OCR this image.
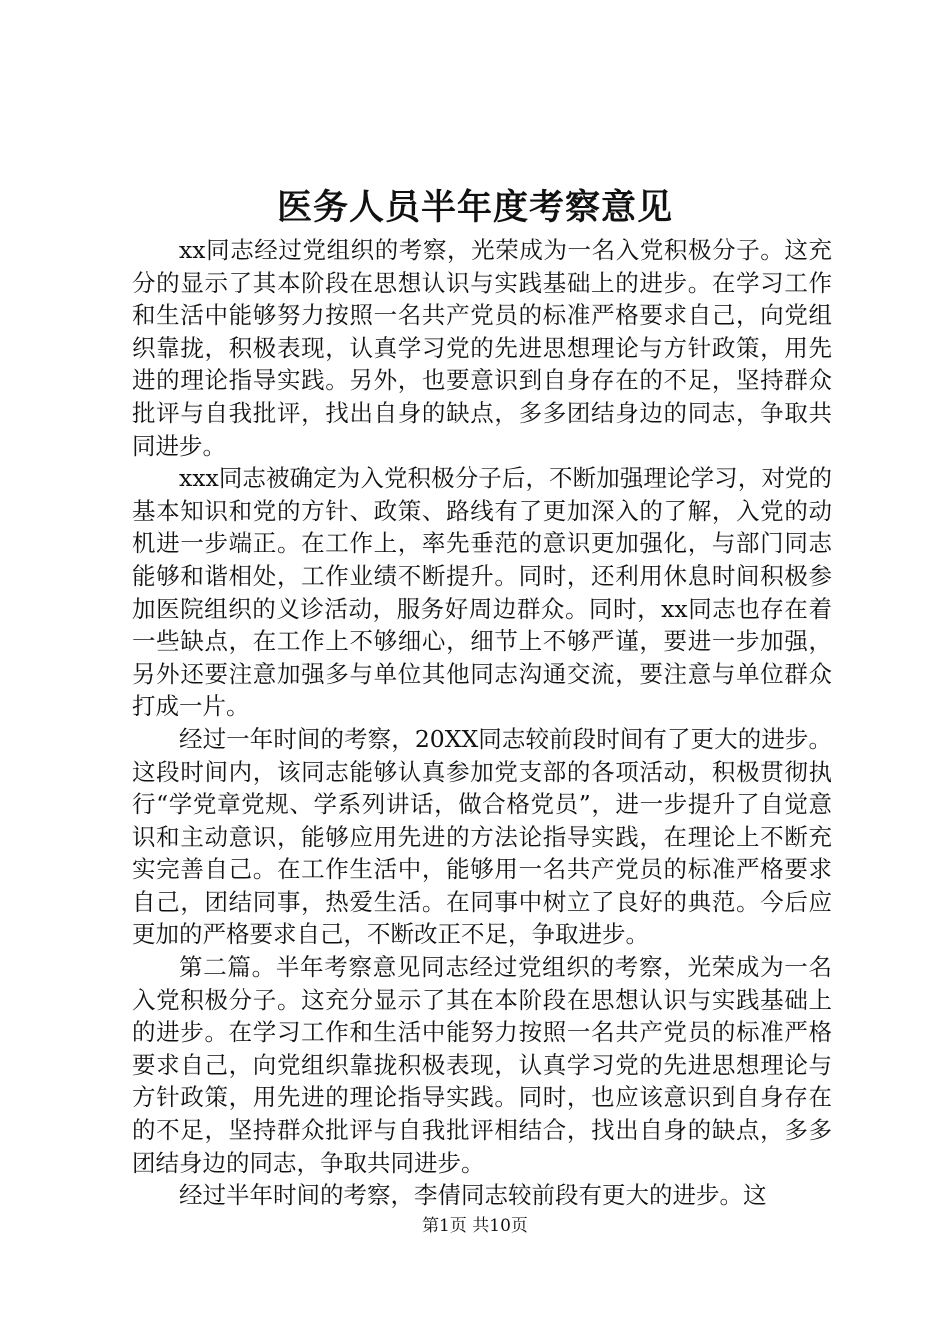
医务人员半年度考察意见

xx同志经过党组织的考察，光荣成为一名入党积极分子。这充分的显示了其本阶段在思想认识与实践基础上的进步。在学习工作和生活中能够努力按照一名共产党员的标准严格要求自己，向党组织靠拢，积极表现，认真学习党的先进思想理论与方针政策，用先进的理论指导实践。另外，也要意识到自身存在的不足，坚持群众批评与自我批评，找出自身的缺点，多多团结身边的同志，争取共同进步。

xxx同志被确定为入党积极分子后，不断加强理论学习，对党的基本知识和党的方针、政策、路线有了更加深入的了解，入党的动机进一步端正。在工作上，率先垂范的意识更加强化，与部门同志能够和谐相处，工作业绩不断提升。同时，还利用休息时间积极参加医院组织的义诊活动，服务好周边群众。同时，xx同志也存在着一些缺点，在工作上不够细心，细节上不够严谨，要进一步加强，另外还要注意加强多与单位其他同志沟通交流，要注意与单位群众打成一片。

经过一年时间的考察，20XX同志较前段时间有了更大的进步。这段时间内，该同志能够认真参加党支部的各项活动，积极贯彻执行“学党章党规、学系列讲话，做合格党员”，进一步提升了自觉意识和主动意识，能够应用先进的方法论指导实践，在理论上不断充实完善自己。在工作生活中，能够用一名共产党员的标准严格要求自己，团结同事，热爱生活。在同事中树立了良好的典范。今后应更加的严格要求自己，不断改正不足，争取进步。

第二篇。半年考察意见同志经过党组织的考察，光荣成为一名入党积极分子。这充分显示了其在本阶段在思想认识与实践基础上的进步。在学习工作和生活中能努力按照一名共产党员的标准严格要求自己，向党组织靠拢积极表现，认真学习党的先进思想理论与方针政策，用先进的理论指导实践。同时，也应该意识到自身存在的不足，坚持群众批评与自我批评相结合，找出自身的缺点，多多团结身边的同志，争取共同进步。

经过半年时间的考察，李倩同志较前段有更大的进步。这

第1页 共10页
